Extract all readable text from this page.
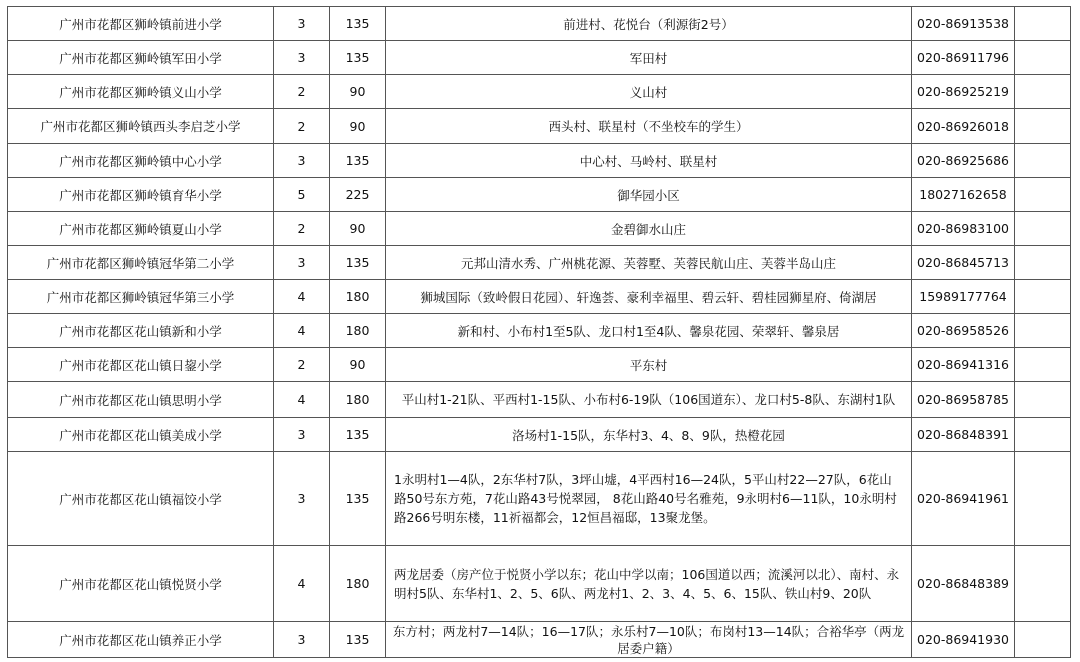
广州市花都区狮岭镇前进小学	3	135	前进村、花悦台（利源街2号）	020-86913538	
广州市花都区狮岭镇军田小学	3	135	军田村	020-86911796	
广州市花都区狮岭镇义山小学	2	90	义山村	020-86925219	
广州市花都区狮岭镇西头李启芝小学	2	90	西头村、联星村（不坐校车的学生）	020-86926018	
广州市花都区狮岭镇中心小学	3	135	中心村、马岭村、联星村	020-86925686	
广州市花都区狮岭镇育华小学	5	225	御华园小区	18027162658	
广州市花都区狮岭镇夏山小学	2	90	金碧御水山庄	020-86983100	
广州市花都区狮岭镇冠华第二小学	3	135	元邦山清水秀、广州桃花源、芙蓉墅、芙蓉民航山庄、芙蓉半岛山庄	020-86845713	
广州市花都区狮岭镇冠华第三小学	4	180	狮城国际（致岭假日花园）、轩逸荟、豪利幸福里、碧云轩、碧桂园狮星府、倚湖居	15989177764	
广州市花都区花山镇新和小学	4	180	新和村、小布村1至5队、龙口村1至4队、馨泉花园、荣翠轩、馨泉居	020-86958526	
广州市花都区花山镇日鋆小学	2	90	平东村	020-86941316	
广州市花都区花山镇思明小学	4	180	平山村1-21队、平西村1-15队、小布村6-19队（106国道东）、龙口村5-8队、东湖村1队	020-86958785	
广州市花都区花山镇美成小学	3	135	洛场村1-15队，东华村3、4、8、9队，热橙花园	020-86848391	
广州市花都区花山镇福饺小学	3	135	1永明村1—4队，2东华村7队，3坪山墟，4平西村16—24队，5平山村22—27队，6花山路50号东方苑，7花山路43号悦翠园， 8花山路40号名雅苑，9永明村6—11队，10永明村路266号明东楼，11祈福都会，12恒昌福邸，13聚龙堡。	020-86941961	
广州市花都区花山镇悦贤小学	4	180	两龙居委（房产位于悦贤小学以东；花山中学以南；106国道以西；流溪河以北）、南村、永明村5队、东华村1、2、5、6队、两龙村1、2、3、4、5、6、15队、铁山村9、20队	020-86848389	
广州市花都区花山镇养正小学	3	135	东方村；两龙村7—14队；16—17队；永乐村7—10队；布岗村13—14队；合裕华亭（两龙居委户籍）	020-86941930	
